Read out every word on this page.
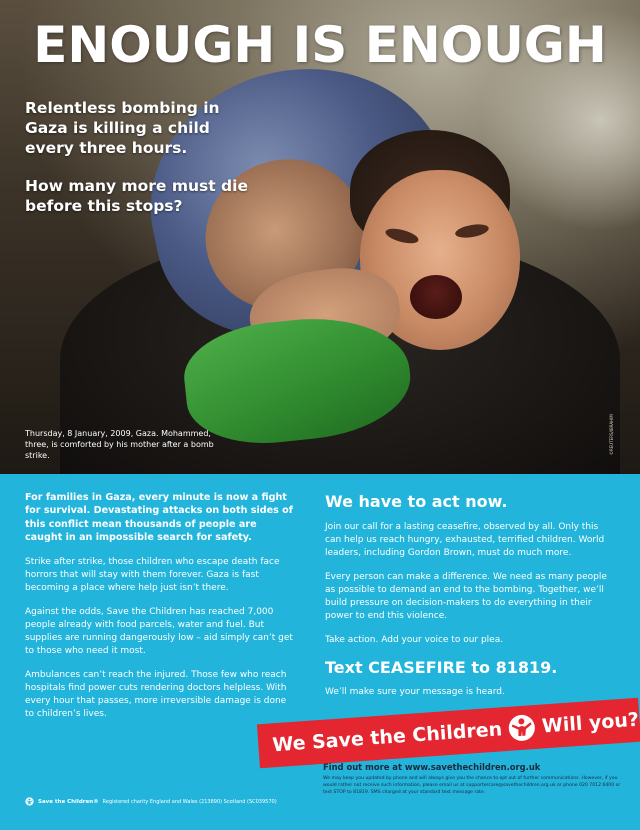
ENOUGH IS ENOUGH

Relentless bombing in Gaza is killing a child every three hours.

How many more must die before this stops?

Thursday, 8 January, 2009, Gaza. Mohammed, three, is comforted by his mother after a bomb strike.
©REUTERS/IBRAHIM

For families in Gaza, every minute is now a fight for survival. Devastating attacks on both sides of this conflict mean thousands of people are caught in an impossible search for safety.

Strike after strike, those children who escape death face horrors that will stay with them forever. Gaza is fast becoming a place where help just isn’t there.

Against the odds, Save the Children has reached 7,000 people already with food parcels, water and fuel. But supplies are running dangerously low – aid simply can’t get to those who need it most.

Ambulances can’t reach the injured. Those few who reach hospitals find power cuts rendering doctors helpless. With every hour that passes, more irreversible damage is done to children’s lives.

We have to act now.

Join our call for a lasting ceasefire, observed by all. Only this can help us reach hungry, exhausted, terrified children. World leaders, including Gordon Brown, must do much more.

Every person can make a difference. We need as many people as possible to demand an end to the bombing. Together, we’ll build pressure on decision-makers to do everything in their power to end this violence.

Take action. Add your voice to our plea.

Text CEASEFIRE to 81819.

We’ll make sure your message is heard.

We Save the Children Will you?
Find out more at www.savethechildren.org.uk
We may keep you updated by phone and will always give you the chance to opt out of further communications. However, if you would rather not receive such information, please email us at supportercare@savethechildren.org.uk or phone 020 7012 6400 or text STOP to 81819. SMS charged at your standard text message rate.
Save the Children® Registered charity England and Wales (213890) Scotland (SC039570)
